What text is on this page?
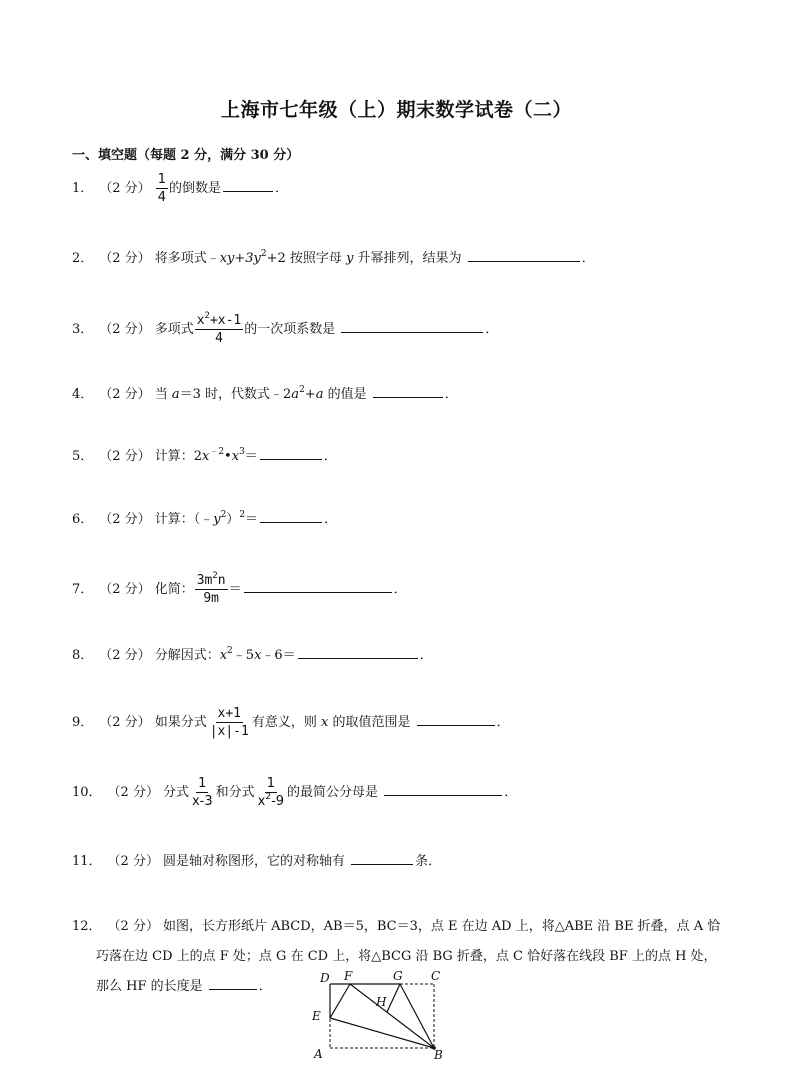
上海市七年级（上）期末数学试卷（二）
一、填空题（每题 2 分，满分 30 分）
1． （2 分） $\frac{1}{4}$ 的倒数是	．
2． （2 分） 将多项式$﹣xy+3y^2+2$ 按照字母 y 升幂排列，结果为	．
3． （2 分） 多项式 $\frac{x^2+x-1}{4}$ 的一次项系数是	．
4． （2 分） 当 a＝3 时，代数式$﹣2a^2+a$ 的值是	．
5． （2 分） 计算：$2x^{﹣2}•x^3=$	．
6． （2 分） 计算：$(﹣y^2)^2=$	．
7． （2 分） 化简： $\frac{3m^2n}{9m}$ ＝	．
8． （2 分） 分解因式：$x^2﹣5x﹣6=$	．
9． （2 分） 如果分式 $\frac{x+1}{|x|-1}$ 有意义，则 x 的取值范围是	．
10． （2 分） 分式 $\frac{1}{x-3}$ 和分式 $\frac{1}{x^2-9}$ 的最简公分母是	．
11． （2 分） 圆是轴对称图形，它的对称轴有	条．
12． （2 分） 如图，长方形纸片 ABCD，AB＝5，BC＝3，点 E 在边 AD 上，将△ABE 沿 BE 折叠，点 A 恰
巧落在边 CD 上的点 F 处；点 G 在 CD 上，将△BCG 沿 BG 折叠，点 C 恰好落在线段 BF 上的点 H 处，
那么 HF 的长度是	．
D F	G C
H
E
A	B
